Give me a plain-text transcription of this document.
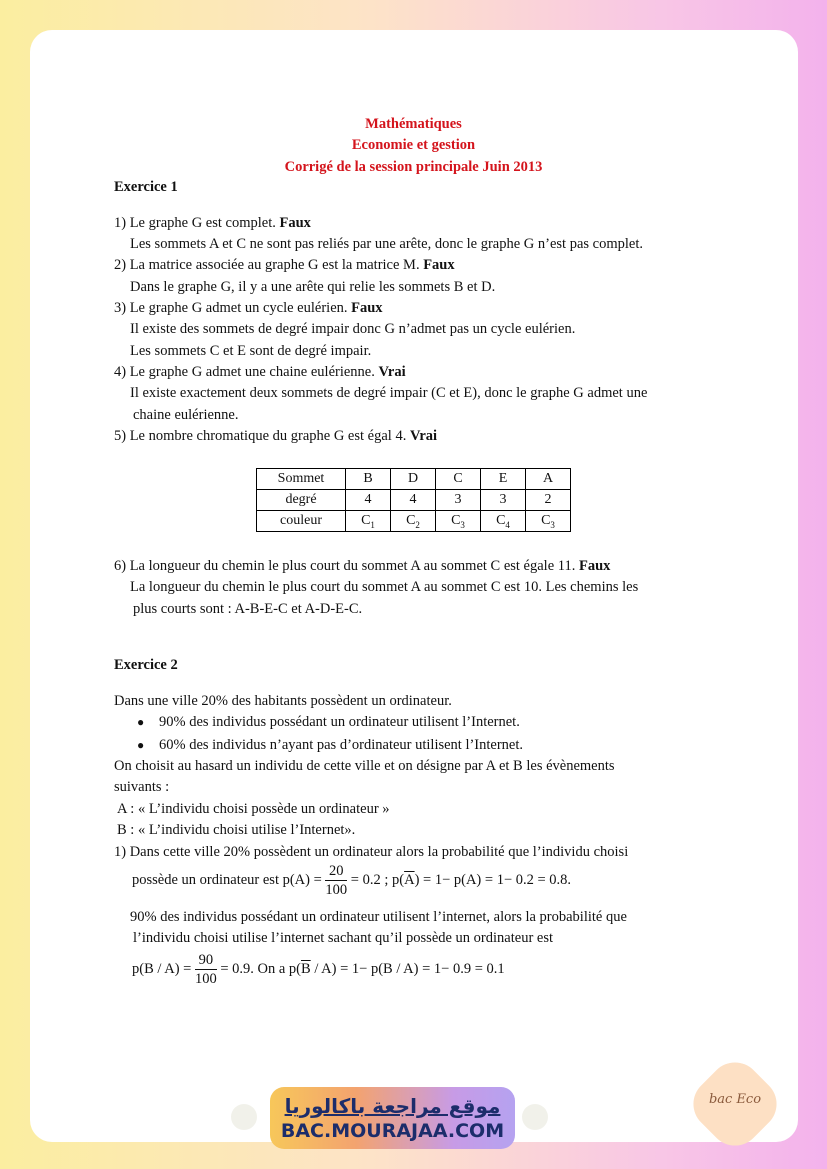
Mathématiques
Economie et gestion
Corrigé de la session principale Juin 2013
Exercice 1
1) Le graphe G est complet. Faux
Les sommets A et C ne sont pas reliés par une arête, donc le graphe G n’est pas complet.
2) La matrice associée au graphe G est la matrice M. Faux
Dans le graphe G, il y a une arête qui relie les sommets B et D.
3) Le graphe G admet un cycle eulérien. Faux
Il existe des sommets de degré impair donc G n’admet pas un cycle eulérien.
Les sommets C et E sont de degré impair.
4) Le graphe G admet une chaine eulérienne. Vrai
Il existe exactement deux sommets de degré impair (C et E), donc le graphe G admet une
chaine eulérienne.
5) Le nombre chromatique du graphe G est égal 4. Vrai
Sommet	B	D	C	E	A
degré	4	4	3	3	2
couleur	$C_1$	$C_2$	$C_3$	$C_4$	$C_3$
6) La longueur du chemin le plus court du sommet A au sommet C est égale 11. Faux
La longueur du chemin le plus court du sommet A au sommet C est 10. Les chemins les
plus courts sont : A-B-E-C et A-D-E-C.
Exercice 2
Dans une ville 20% des habitants possèdent un ordinateur.
● 90% des individus possédant un ordinateur utilisent l’Internet.
● 60% des individus n’ayant pas d’ordinateur utilisent l’Internet.
On choisit au hasard un individu de cette ville et on désigne par A et B les évènements
suivants :
A : « L’individu choisi possède un ordinateur »
B : « L’individu choisi utilise l’Internet».
1) Dans cette ville 20% possèdent un ordinateur alors la probabilité que l’individu choisi
possède un ordinateur est $p(A) = \frac{20}{100} = 0.2$ ; $p(\overline{A}) = 1- p(A) = 1- 0.2 = 0.8$.
90% des individus possédant un ordinateur utilisent l’internet, alors la probabilité que
l’individu choisi utilise l’internet sachant qu’il possède un ordinateur est
$p(B / A) = \frac{90}{100} = 0.9$. On a $p(\overline{B} / A) = 1- p(B / A) = 1- 0.9 = 0.1$
موقع مراجعة باكالوريا
BAC.MOURAJAA.COM
bac Eco
